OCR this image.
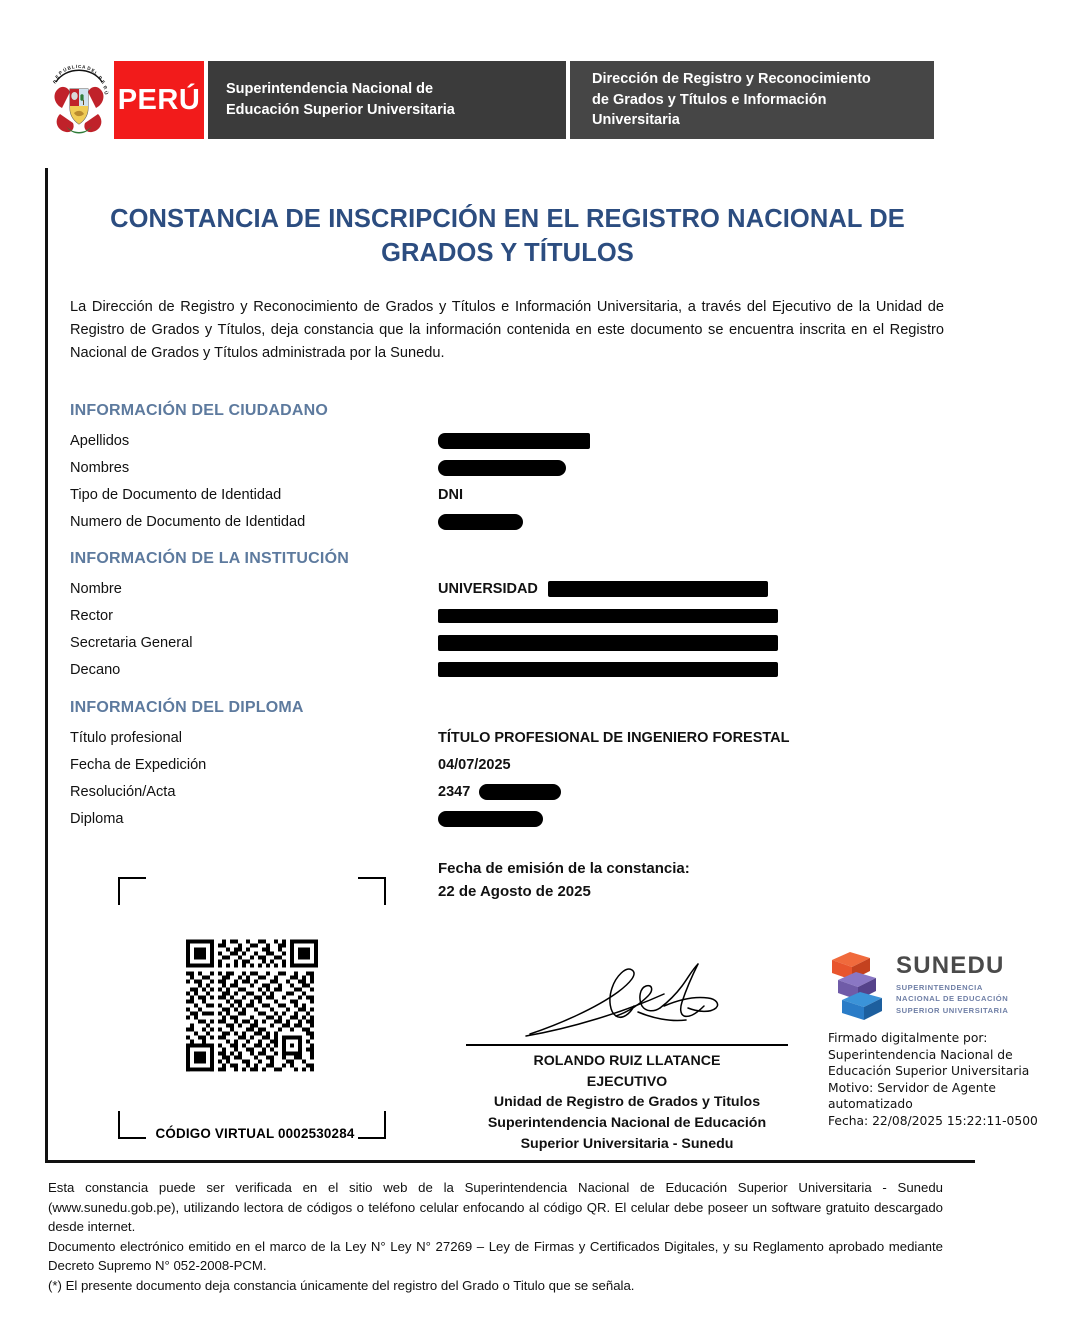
R
E
P Ú B L I C A D E
L
P
E
R
Ú PERÚ Superintendencia Nacional de
Educación Superior Universitaria
Dirección de Registro y Reconocimiento
de Grados y Títulos e Información
Universitaria
CONSTANCIA DE INSCRIPCIÓN EN EL REGISTRO NACIONAL DE
GRADOS Y TÍTULOS
La Dirección de Registro y Reconocimiento de Grados y Títulos e Información Universitaria, a través del Ejecutivo de la Unidad de Registro de Grados y Títulos, deja constancia que la información contenida en este documento se encuentra inscrita en el Registro Nacional de Grados y Títulos administrada por la Sunedu.
INFORMACIÓN DEL CIUDADANO
Apellidos
Nombres
Tipo de Documento de Identidad	DNI
Numero de Documento de Identidad
INFORMACIÓN DE LA INSTITUCIÓN
Nombre	UNIVERSIDAD
Rector
Secretaria General
Decano
INFORMACIÓN DEL DIPLOMA
Título profesional	TÍTULO PROFESIONAL DE INGENIERO FORESTAL
Fecha de Expedición	04/07/2025
Resolución/Acta	2347
Diploma
Fecha de emisión de la constancia:
22 de Agosto de 2025
CÓDIGO VIRTUAL 0002530284
ROLANDO RUIZ LLATANCE
EJECUTIVO
Unidad de Registro de Grados y Titulos
Superintendencia Nacional de Educación
Superior Universitaria - Sunedu
SUNEDU
SUPERINTENDENCIA
NACIONAL DE EDUCACIÓN
SUPERIOR UNIVERSITARIA
Firmado digitalmente por:
Superintendencia Nacional de
Educación Superior Universitaria
Motivo: Servidor de Agente
automatizado
Fecha: 22/08/2025 15:22:11-0500

Esta constancia puede ser verificada en el sitio web de la Superintendencia Nacional de Educación Superior Universitaria - Sunedu (www.sunedu.gob.pe), utilizando lectora de códigos o teléfono celular enfocando al código QR. El celular debe poseer un software gratuito descargado desde internet.

Documento electrónico emitido en el marco de la Ley N° Ley N° 27269 – Ley de Firmas y Certificados Digitales, y su Reglamento aprobado mediante Decreto Supremo N° 052-2008-PCM.

(*) El presente documento deja constancia únicamente del registro del Grado o Titulo que se señala.
